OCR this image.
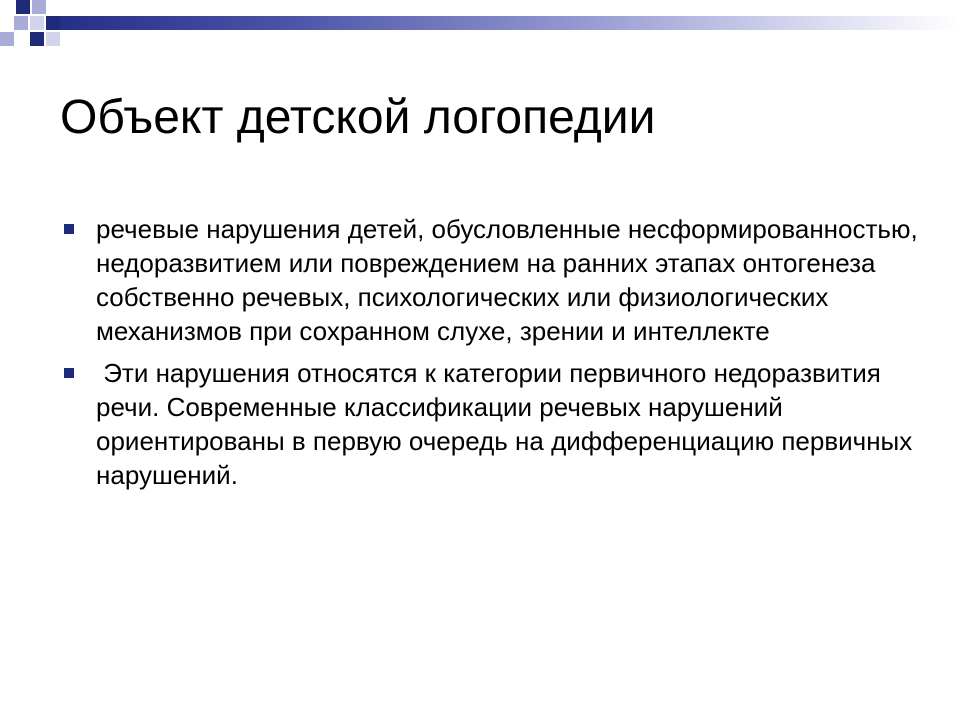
Объект детской логопедии
речевые нарушения детей, обусловленные несформированностью, недоразвитием или повреждением на ранних этапах онтогенеза собственно речевых, психологических или физиологических механизмов при сохранном слухе, зрении и интеллекте
Эти нарушения относятся к категории первичного недоразвития речи. Современные классификации речевых нарушений ориентированы в первую очередь на дифференциацию первичных нарушений.
